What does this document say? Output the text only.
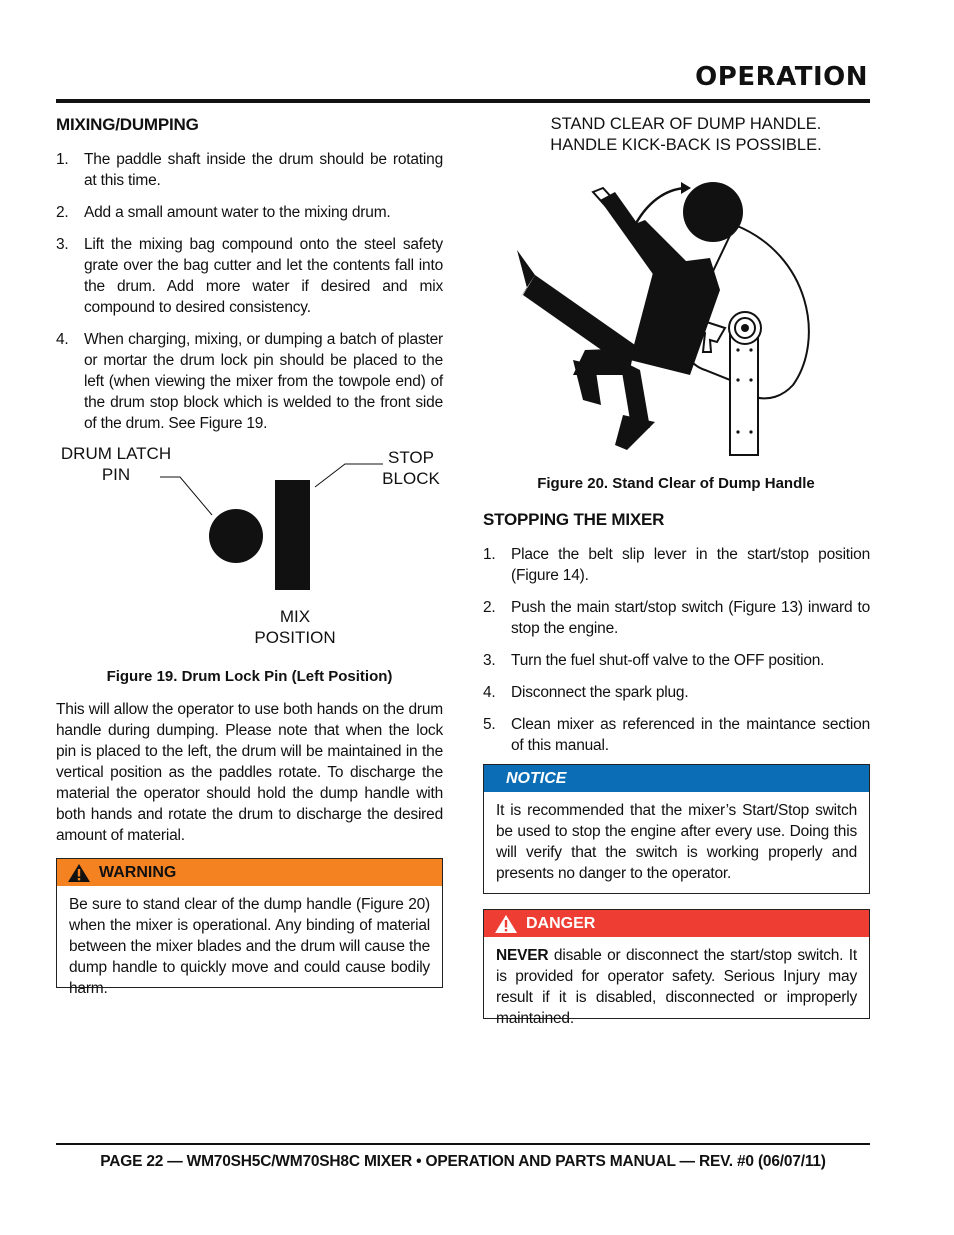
OPERATION
MIXING/DUMPING
1. The paddle shaft inside the drum should be rotating at this time.
2. Add a small amount water to the mixing drum.
3. Lift the mixing bag compound onto the steel safety grate over the bag cutter and let the contents fall into the drum. Add more water if desired and mix compound to desired consistency.
4. When charging, mixing, or dumping a batch of plaster or mortar the drum lock pin should be placed to the left (when viewing the mixer from the towpole end) of the drum stop block which is welded to the front side of the drum. See Figure 19.
DRUM LATCH
PIN
STOP
BLOCK
MIX
POSITION
Figure 19. Drum Lock Pin (Left Position)
This will allow the operator to use both hands on the drum handle during dumping. Please note that when the lock pin is placed to the left, the drum will be maintained in the vertical position as the paddles rotate. To discharge the material the operator should hold the dump handle with both hands and rotate the drum to discharge the desired amount of material.
WARNING
Be sure to stand clear of the dump handle (Figure 20) when the mixer is operational. Any binding of material between the mixer blades and the drum will cause the dump handle to quickly move and could cause bodily harm.
STAND CLEAR OF DUMP HANDLE.
HANDLE KICK-BACK IS POSSIBLE.
Figure 20. Stand Clear of Dump Handle
STOPPING THE MIXER
1. Place the belt slip lever in the start/stop position (Figure 14).
2. Push the main start/stop switch (Figure 13) inward to stop the engine.
3. Turn the fuel shut-off valve to the OFF position.
4. Disconnect the spark plug.
5. Clean mixer as referenced in the maintance section of this manual.
NOTICE
It is recommended that the mixer’s Start/Stop switch be used to stop the engine after every use. Doing this will verify that the switch is working properly and presents no danger to the operator.
DANGER
NEVER disable or disconnect the start/stop switch. It is provided for operator safety. Serious Injury may result if it is disabled, disconnected or improperly maintained.
PAGE 22 — WM70SH5C/WM70SH8C MIXER • OPERATION AND PARTS MANUAL — REV. #0 (06/07/11)
